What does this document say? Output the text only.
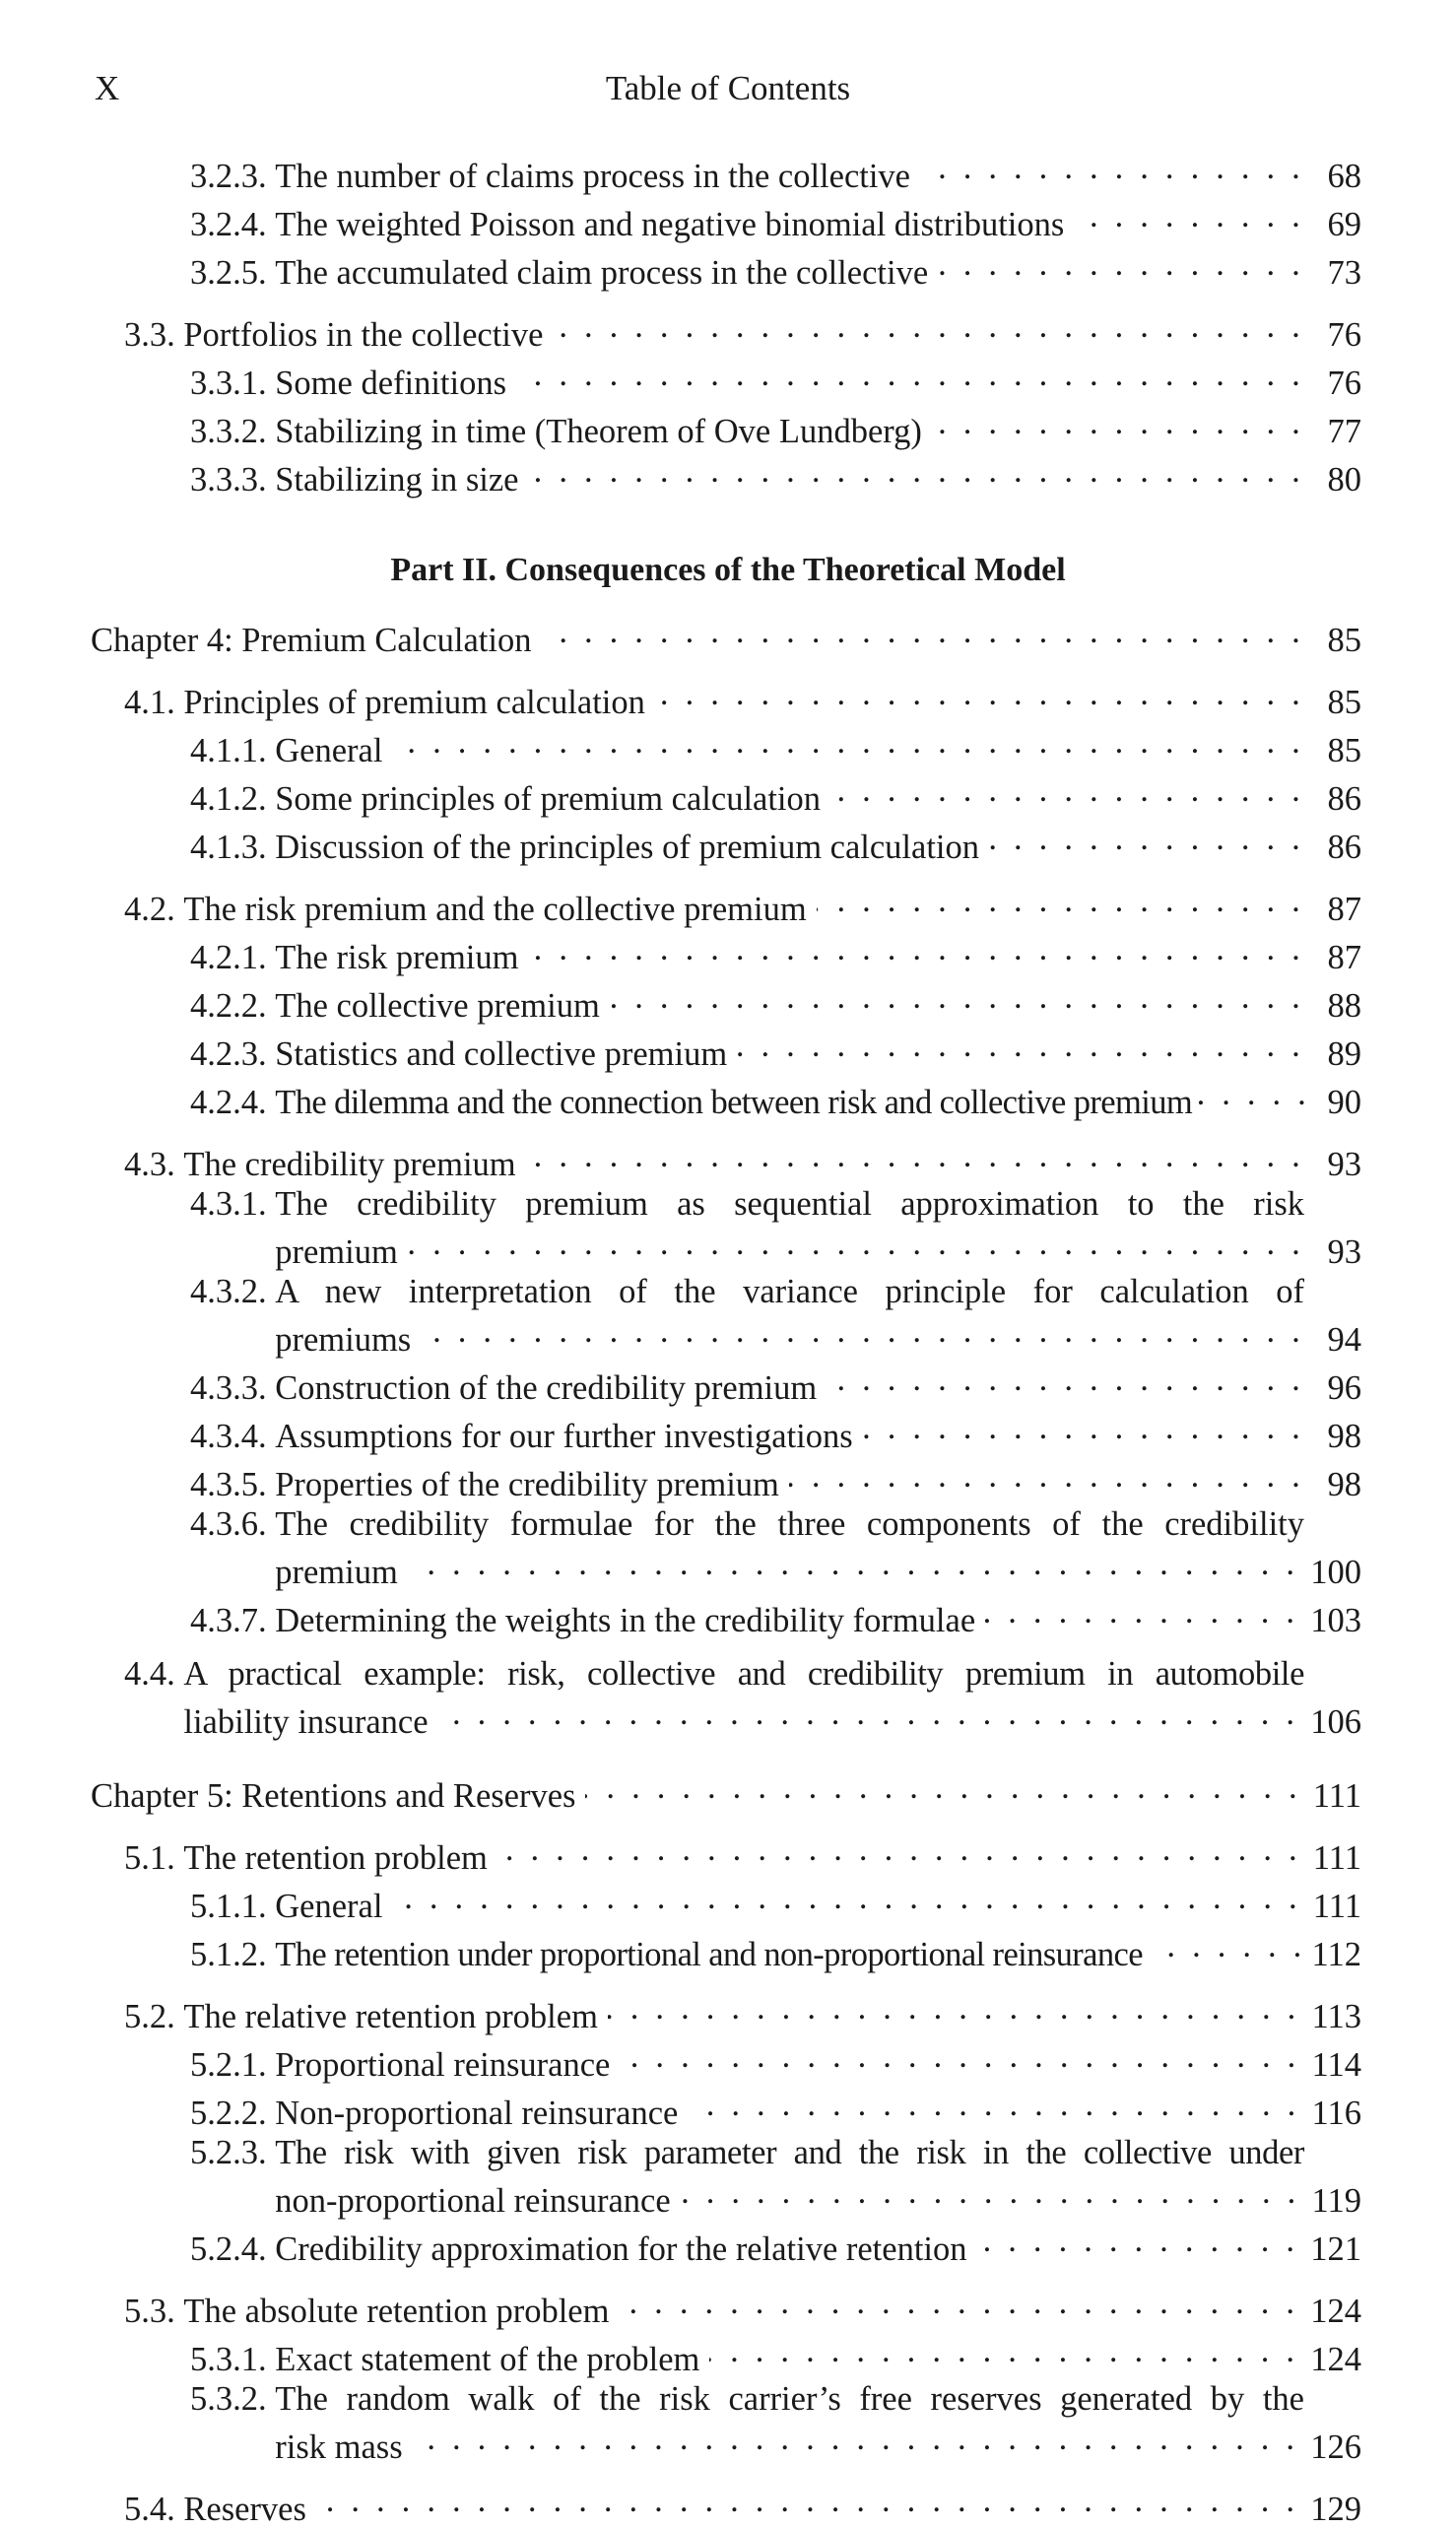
X	Table of Contents
3.2.3. The number of claims process in the collective . . .	68
3.2.4. The weighted Poisson and negative binomial distributions . . .	69
3.2.5. The accumulated claim process in the collective . . .	73
3.3. Portfolios in the collective . . .	76
3.3.1. Some definitions . . .	76
3.3.2. Stabilizing in time (Theorem of Ove Lundberg) . . .	77
3.3.3. Stabilizing in size . . .	80
Part II. Consequences of the Theoretical Model
Chapter 4: Premium Calculation . . .	85
4.1. Principles of premium calculation . . .	85
4.1.1. General . . .	85
4.1.2. Some principles of premium calculation . . .	86
4.1.3. Discussion of the principles of premium calculation . . .	86
4.2. The risk premium and the collective premium . . .	87
4.2.1. The risk premium . . .	87
4.2.2. The collective premium . . .	88
4.2.3. Statistics and collective premium . . .	89
4.2.4. The dilemma and the connection between risk and collective premium . . .	90
4.3. The credibility premium . . .	93
4.3.1. The credibility premium as sequential approximation to the risk
premium . . .	93
4.3.2. A new interpretation of the variance principle for calculation of
premiums . . .	94
4.3.3. Construction of the credibility premium . . .	96
4.3.4. Assumptions for our further investigations . . .	98
4.3.5. Properties of the credibility premium . . .	98
4.3.6. The credibility formulae for the three components of the credibility
premium . . .	100
4.3.7. Determining the weights in the credibility formulae . . .	103
4.4. A practical example: risk, collective and credibility premium in automobile
liability insurance . . .	106
Chapter 5: Retentions and Reserves . . .	111
5.1. The retention problem . . .	111
5.1.1. General . . .	111
5.1.2. The retention under proportional and non-proportional reinsurance . . .	112
5.2. The relative retention problem . . .	113
5.2.1. Proportional reinsurance . . .	114
5.2.2. Non-proportional reinsurance . . .	116
5.2.3. The risk with given risk parameter and the risk in the collective under
non-proportional reinsurance . . .	119
5.2.4. Credibility approximation for the relative retention . . .	121
5.3. The absolute retention problem . . .	124
5.3.1. Exact statement of the problem . . .	124
5.3.2. The random walk of the risk carrier’s free reserves generated by the
risk mass . . .	126
5.4. Reserves . . .	129
